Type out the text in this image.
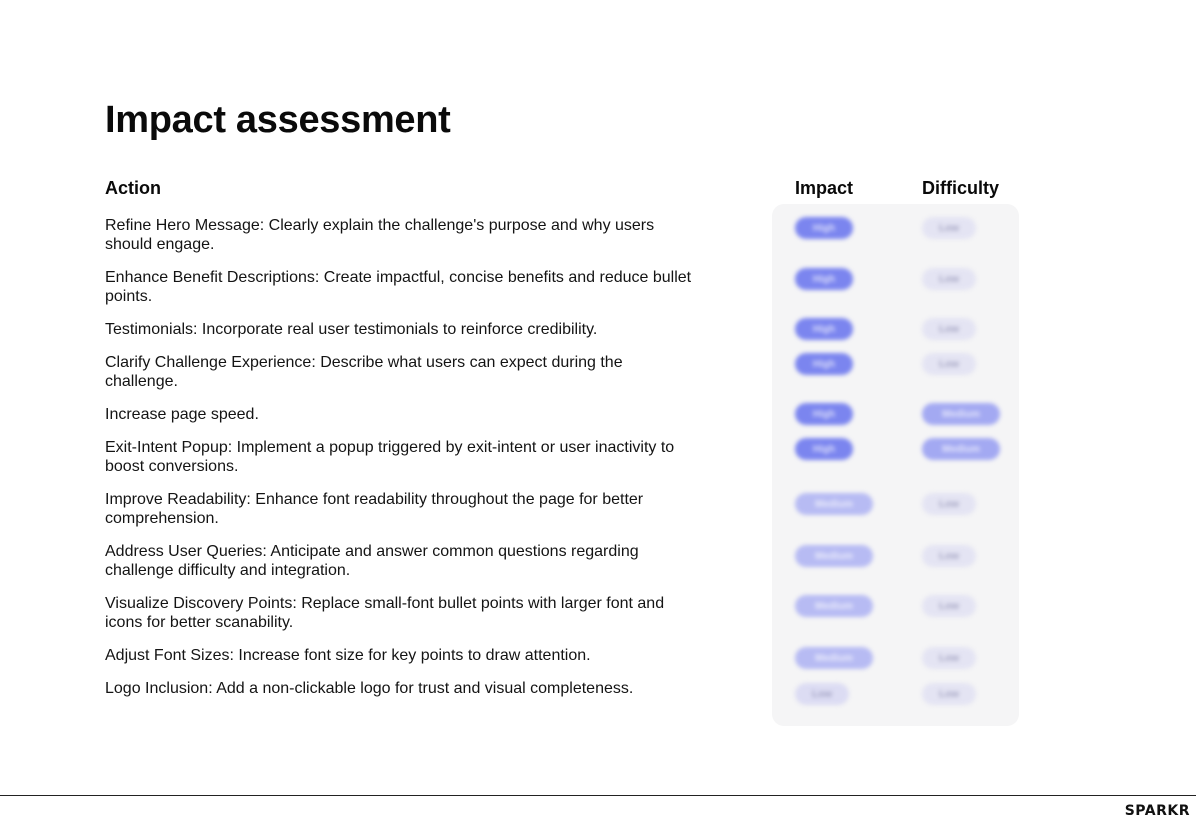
Impact assessment
Action	Impact	Difficulty
Refine Hero Message: Clearly explain the challenge's purpose and why users should engage.
High	Low
Enhance Benefit Descriptions: Create impactful, concise benefits and reduce bullet points.
High	Low
Testimonials: Incorporate real user testimonials to reinforce credibility.	High	Low
Clarify Challenge Experience: Describe what users can expect during the challenge.
High	Low
Increase page speed.	High	Medium
Exit-Intent Popup: Implement a popup triggered by exit-intent or user inactivity to boost conversions.
High	Medium
Improve Readability: Enhance font readability throughout the page for better comprehension.
Medium	Low
Address User Queries: Anticipate and answer common questions regarding challenge difficulty and integration.
Medium	Low
Visualize Discovery Points: Replace small-font bullet points with larger font and icons for better scanability.
Medium	Low
Adjust Font Sizes: Increase font size for key points to draw attention.	Medium	Low
Logo Inclusion: Add a non-clickable logo for trust and visual completeness.	Low	Low
SPARKR
